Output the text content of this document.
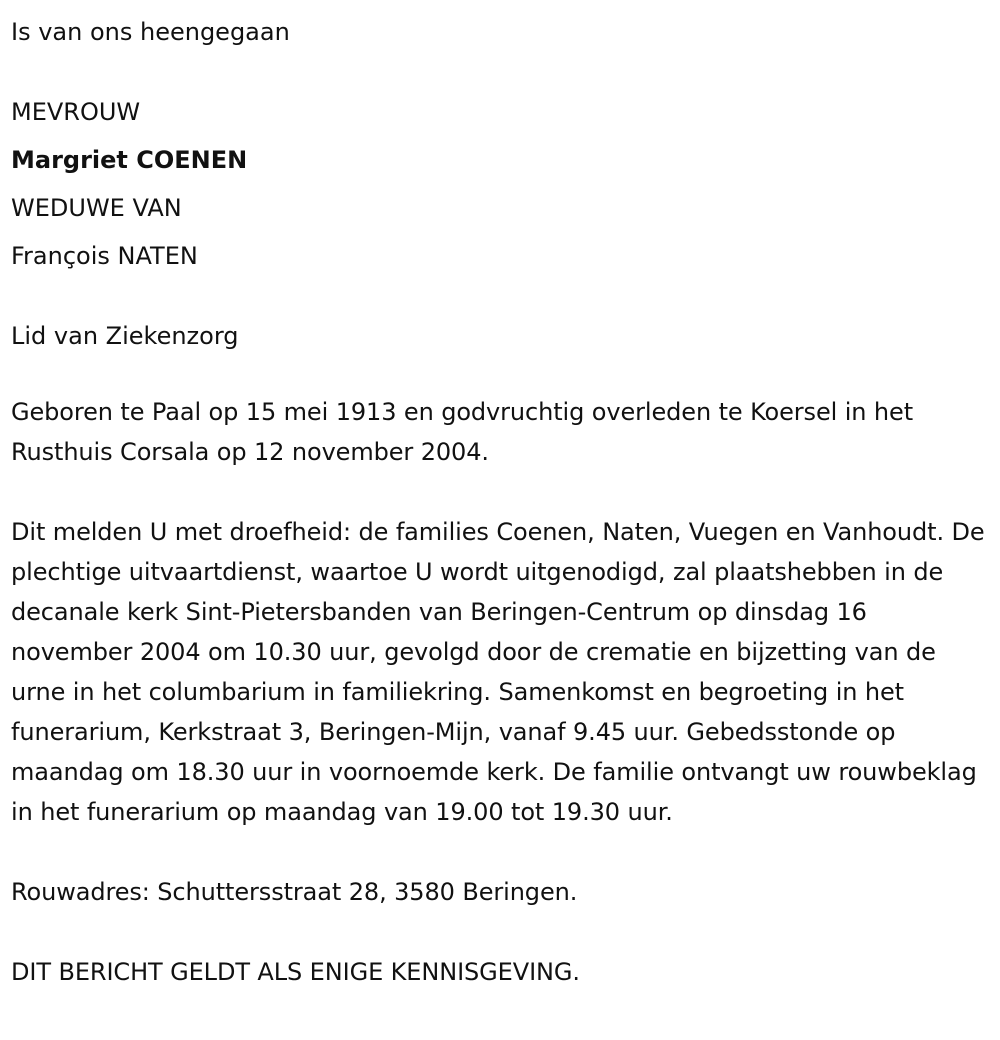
Is van ons heengegaan

MEVROUW

Margriet COENEN

WEDUWE VAN

François NATEN

Lid van Ziekenzorg

Geboren te Paal op 15 mei 1913 en godvruchtig overleden te Koersel in het Rusthuis Corsala op 12 november 2004.

Dit melden U met droefheid: de families Coenen, Naten, Vuegen en Vanhoudt. De plechtige uitvaartdienst, waartoe U wordt uitgenodigd, zal plaatshebben in de decanale kerk Sint-Pietersbanden van Beringen-Centrum op dinsdag 16 november 2004 om 10.30 uur, gevolgd door de crematie en bijzetting van de urne in het columbarium in familiekring. Samenkomst en begroeting in het funerarium, Kerkstraat 3, Beringen-Mijn, vanaf 9.45 uur. Gebedsstonde op maandag om 18.30 uur in voornoemde kerk. De familie ontvangt uw rouwbeklag in het funerarium op maandag van 19.00 tot 19.30 uur.

Rouwadres: Schuttersstraat 28, 3580 Beringen.

DIT BERICHT GELDT ALS ENIGE KENNISGEVING.
